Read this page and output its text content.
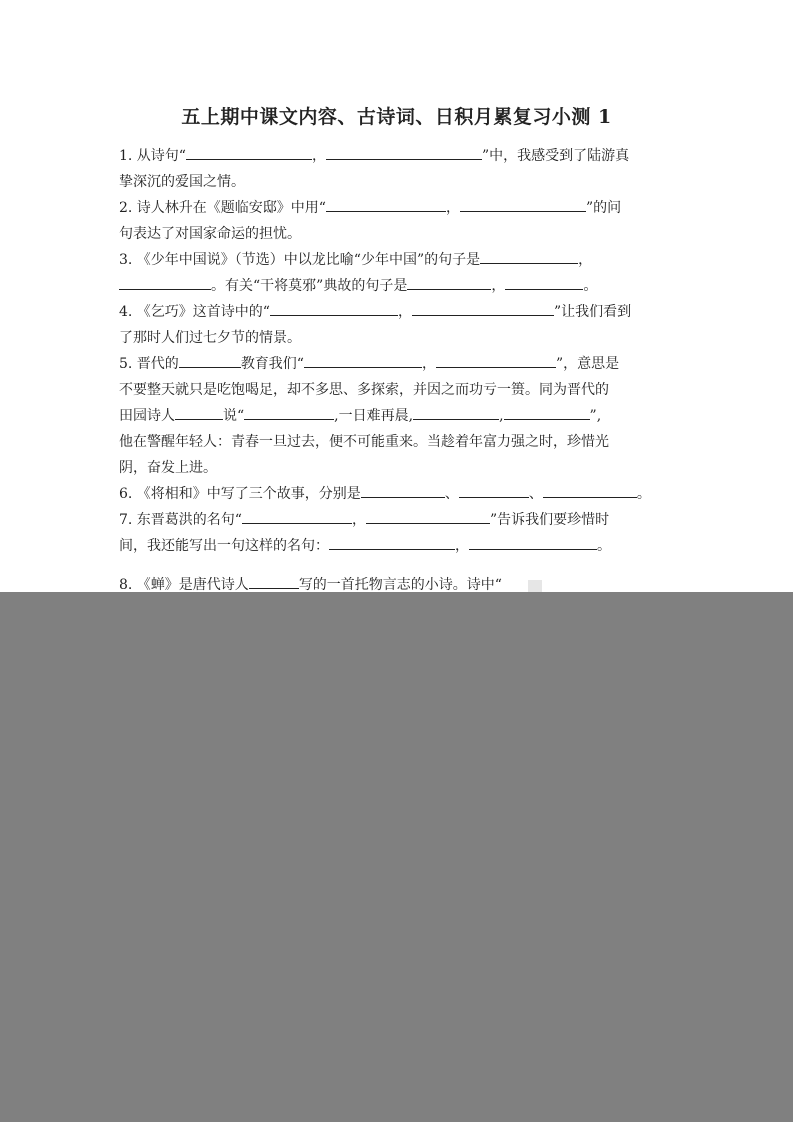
五上期中课文内容、古诗词、日积月累复习小测 1
1. 从诗句“	，	”中，我感受到了陆游真
挚深沉的爱国之情。
2. 诗人林升在《题临安邸》中用“	，	”的问
句表达了对国家命运的担忧。
3. 《少年中国说》（节选）中以龙比喻“少年中国”的句子是	，
。有关“干将莫邪”典故的句子是	，	。
4. 《乞巧》这首诗中的“	，	”让我们看到
了那时人们过七夕节的情景。
5. 晋代的	教育我们“	，	”，意思是
不要整天就只是吃饱喝足，却不多思、多探索，并因之而功亏一篑。同为晋代的
田园诗人	说“	,一日难再晨,	,	”,
他在警醒年轻人：青春一旦过去，便不可能重来。当趁着年富力强之时，珍惜光
阴，奋发上进。
6. 《将相和》中写了三个故事，分别是	、	、	。
7. 东晋葛洪的名句“	，	”告诉我们要珍惜时
间，我还能写出一句这样的名句：	，	。
8. 《蝉》是唐代诗人	写的一首托物言志的小诗。诗中“
